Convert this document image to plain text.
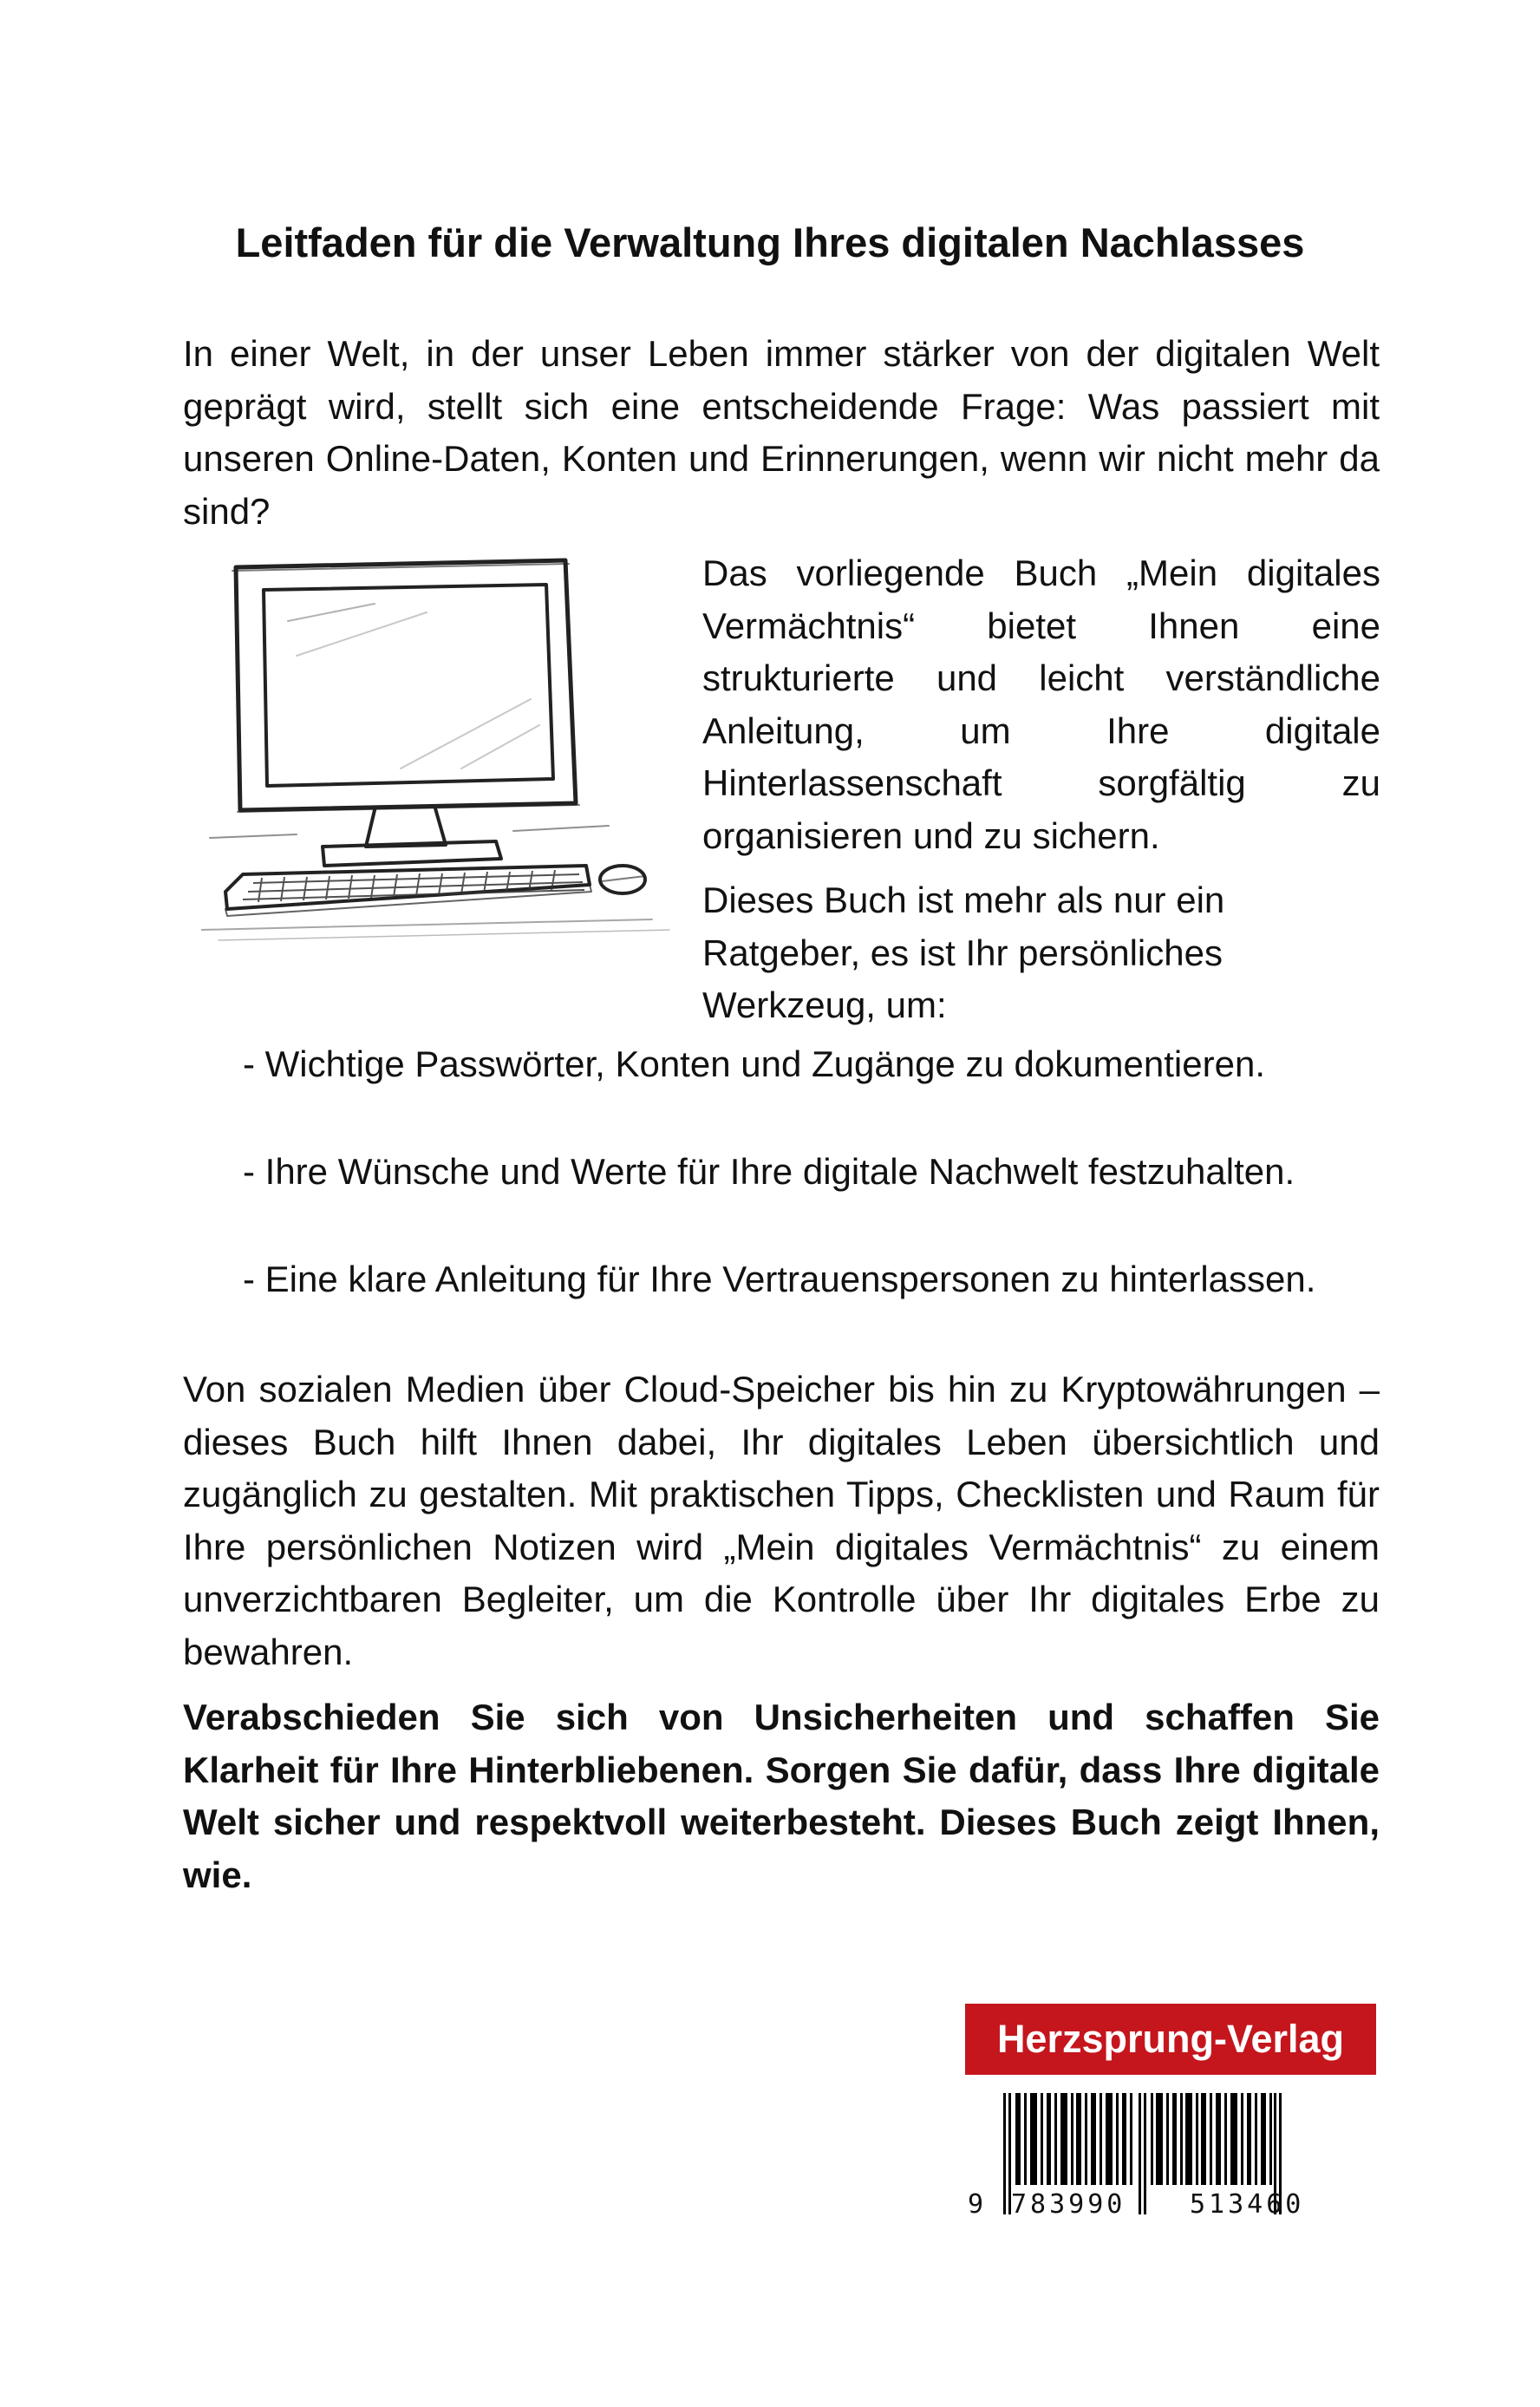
Leitfaden für die Verwaltung Ihres digitalen Nachlasses

In einer Welt, in der unser Leben immer stärker von der digitalen Welt geprägt wird, stellt sich eine entscheidende Frage: Was passiert mit unseren Online-Daten, Konten und Erinnerungen, wenn wir nicht mehr da sind?

Das vorliegende Buch „Mein digitales Vermächtnis“ bietet Ihnen eine strukturierte und leicht verständliche Anleitung, um Ihre digitale Hinterlassenschaft sorgfältig zu organisieren und zu sichern.

Dieses Buch ist mehr als nur ein Ratgeber, es ist Ihr persönliches Werkzeug, um:

- Wichtige Passwörter, Konten und Zugänge zu dokumentieren.
- Ihre Wünsche und Werte für Ihre digitale Nachwelt festzuhalten.
- Eine klare Anleitung für Ihre Vertrauenspersonen zu hinterlassen.

Von sozialen Medien über Cloud-Speicher bis hin zu Kryptowährungen – dieses Buch hilft Ihnen dabei, Ihr digitales Leben übersichtlich und zugänglich zu gestalten. Mit praktischen Tipps, Checklisten und Raum für Ihre persönlichen Notizen wird „Mein digitales Vermächtnis“ zu einem unverzichtbaren Begleiter, um die Kontrolle über Ihr digitales Erbe zu bewahren.

Verabschieden Sie sich von Unsicherheiten und schaffen Sie Klarheit für Ihre Hinterbliebenen. Sorgen Sie dafür, dass Ihre digitale Welt sicher und respektvoll weiterbesteht. Dieses Buch zeigt Ihnen, wie.

Herzsprung-Verlag
9 783990 513460
